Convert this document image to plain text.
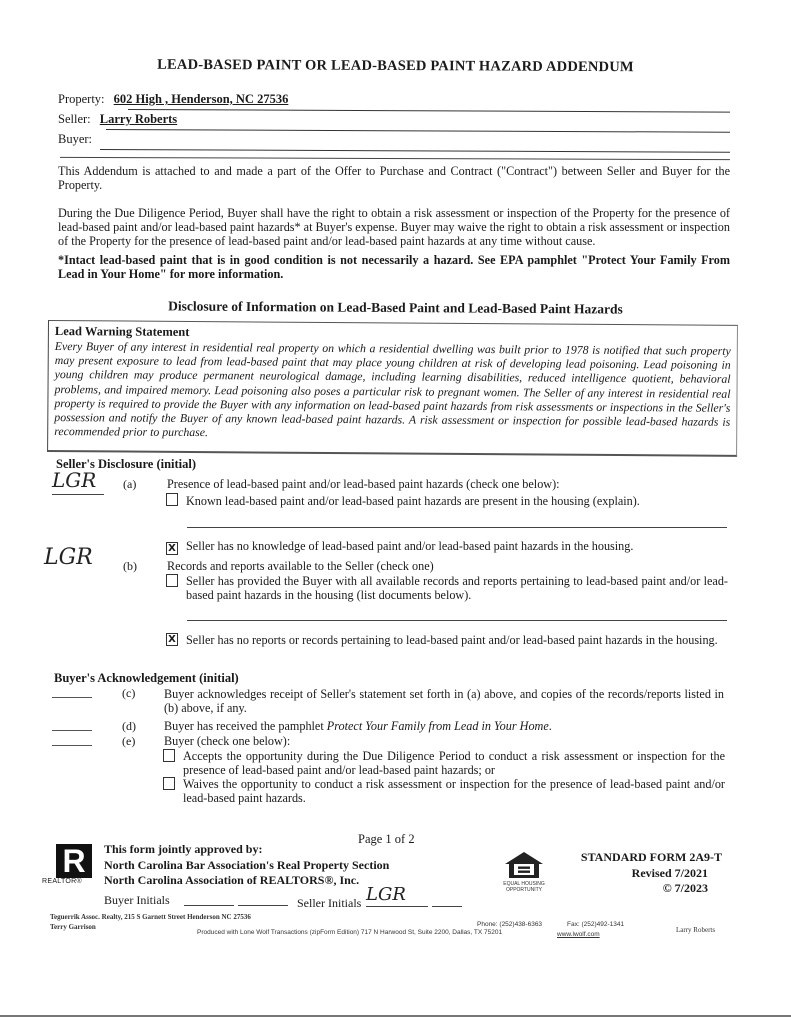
LEAD-BASED PAINT OR LEAD-BASED PAINT HAZARD ADDENDUM
Property: 602 High , Henderson, NC 27536
Seller: Larry Roberts
Buyer:
This Addendum is attached to and made a part of the Offer to Purchase and Contract ("Contract") between Seller and Buyer for the Property.
During the Due Diligence Period, Buyer shall have the right to obtain a risk assessment or inspection of the Property for the presence of lead-based paint and/or lead-based paint hazards* at Buyer's expense. Buyer may waive the right to obtain a risk assessment or inspection of the Property for the presence of lead-based paint and/or lead-based paint hazards at any time without cause.
*Intact lead-based paint that is in good condition is not necessarily a hazard. See EPA pamphlet "Protect Your Family From Lead in Your Home" for more information.
Disclosure of Information on Lead-Based Paint and Lead-Based Paint Hazards
Lead Warning Statement
Every Buyer of any interest in residential real property on which a residential dwelling was built prior to 1978 is notified that such property may present exposure to lead from lead-based paint that may place young children at risk of developing lead poisoning. Lead poisoning in young children may produce permanent neurological damage, including learning disabilities, reduced intelligence quotient, behavioral problems, and impaired memory. Lead poisoning also poses a particular risk to pregnant women. The Seller of any interest in residential real property is required to provide the Buyer with any information on lead-based paint hazards from risk assessments or inspections in the Seller's possession and notify the Buyer of any known lead-based paint hazards. A risk assessment or inspection for possible lead-based hazards is recommended prior to purchase.
Seller's Disclosure (initial)
LGR	(a)	Presence of lead-based paint and/or lead-based paint hazards (check one below):
Known lead-based paint and/or lead-based paint hazards are present in the housing (explain).
X Seller has no knowledge of lead-based paint and/or lead-based paint hazards in the housing.
LGR	(b) Records and reports available to the Seller (check one)
Seller has provided the Buyer with all available records and reports pertaining to lead-based paint and/or lead-based paint hazards in the housing (list documents below).
X Seller has no reports or records pertaining to lead-based paint and/or lead-based paint hazards in the housing.
Buyer's Acknowledgement (initial)
(c) Buyer acknowledges receipt of Seller's statement set forth in (a) above, and copies of the records/reports listed in (b) above, if any.
(d) Buyer has received the pamphlet Protect Your Family from Lead in Your Home.
(e) Buyer (check one below):
Accepts the opportunity during the Due Diligence Period to conduct a risk assessment or inspection for the presence of lead-based paint and/or lead-based paint hazards; or
Waives the opportunity to conduct a risk assessment or inspection for the presence of lead-based paint and/or lead-based paint hazards.
Page 1 of 2
R
REALTOR®
This form jointly approved by:
North Carolina Bar Association's Real Property Section
North Carolina Association of REALTORS®, Inc.
Buyer Initials	Seller Initials LGR	EQUAL HOUSING OPPORTUNITY
STANDARD FORM 2A9-T
Revised 7/2021
© 7/2023
Teguerrik Assoc. Realty, 215 S Garnett Street Henderson NC 27536
Terry Garrison	Phone: (252)438-6363	Fax: (252)492-1341
Larry Roberts
Produced with Lone Wolf Transactions (zipForm Edition) 717 N Harwood St, Suite 2200, Dallas, TX 75201	www.lwolf.com
